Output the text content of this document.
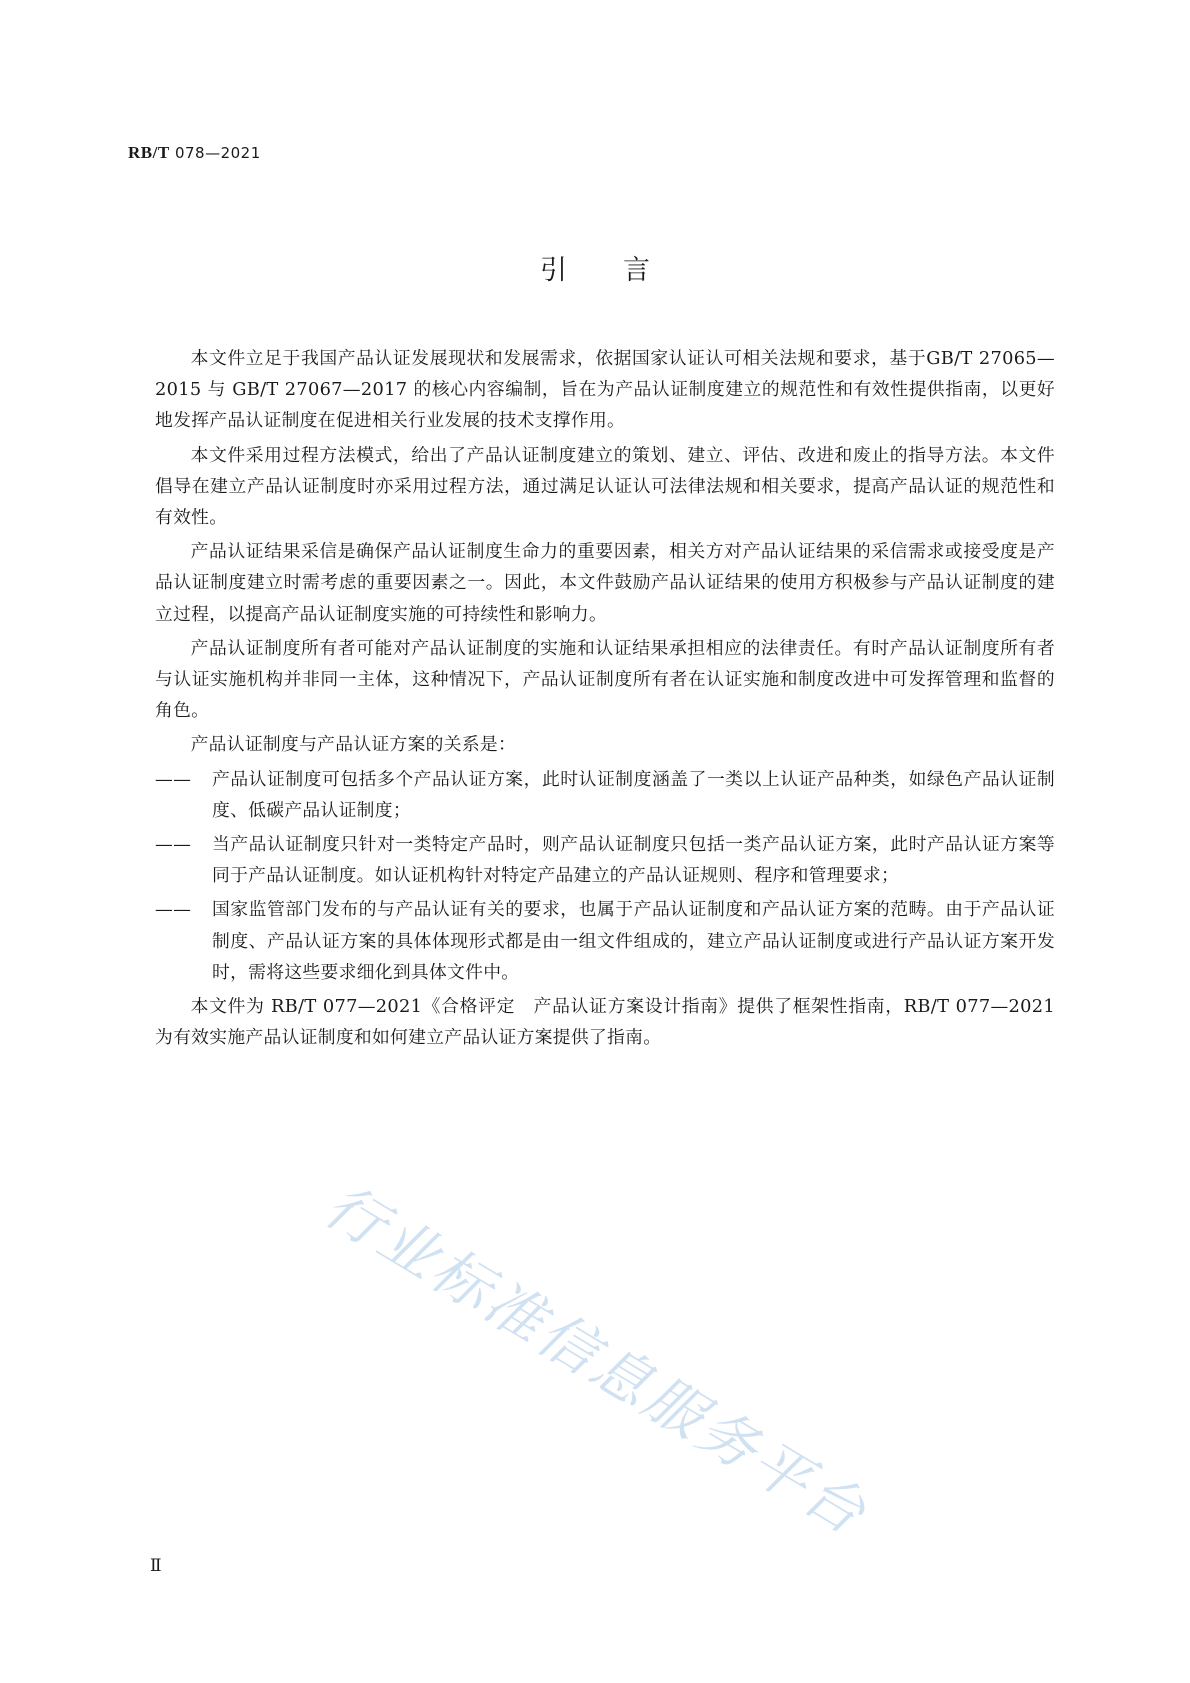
RB/T 078—2021
引言

本文件立足于我国产品认证发展现状和发展需求，依据国家认证认可相关法规和要求，基于GB/T 27065—2015 与 GB/T 27067—2017 的核心内容编制，旨在为产品认证制度建立的规范性和有效性提供指南，以更好地发挥产品认证制度在促进相关行业发展的技术支撑作用。

本文件采用过程方法模式，给出了产品认证制度建立的策划、建立、评估、改进和废止的指导方法。本文件倡导在建立产品认证制度时亦采用过程方法，通过满足认证认可法律法规和相关要求，提高产品认证的规范性和有效性。

产品认证结果采信是确保产品认证制度生命力的重要因素，相关方对产品认证结果的采信需求或接受度是产品认证制度建立时需考虑的重要因素之一。因此，本文件鼓励产品认证结果的使用方积极参与产品认证制度的建立过程，以提高产品认证制度实施的可持续性和影响力。

产品认证制度所有者可能对产品认证制度的实施和认证结果承担相应的法律责任。有时产品认证制度所有者与认证实施机构并非同一主体，这种情况下，产品认证制度所有者在认证实施和制度改进中可发挥管理和监督的角色。

产品认证制度与产品认证方案的关系是：

—— 产品认证制度可包括多个产品认证方案，此时认证制度涵盖了一类以上认证产品种类，如绿色产品认证制度、低碳产品认证制度；
—— 当产品认证制度只针对一类特定产品时，则产品认证制度只包括一类产品认证方案，此时产品认证方案等同于产品认证制度。如认证机构针对特定产品建立的产品认证规则、程序和管理要求；
—— 国家监管部门发布的与产品认证有关的要求，也属于产品认证制度和产品认证方案的范畴。由于产品认证制度、产品认证方案的具体体现形式都是由一组文件组成的，建立产品认证制度或进行产品认证方案开发时，需将这些要求细化到具体文件中。

本文件为 RB/T 077—2021《合格评定　产品认证方案设计指南》提供了框架性指南，RB/T 077—2021 为有效实施产品认证制度和如何建立产品认证方案提供了指南。

行业标准信息服务平台
Ⅱ
